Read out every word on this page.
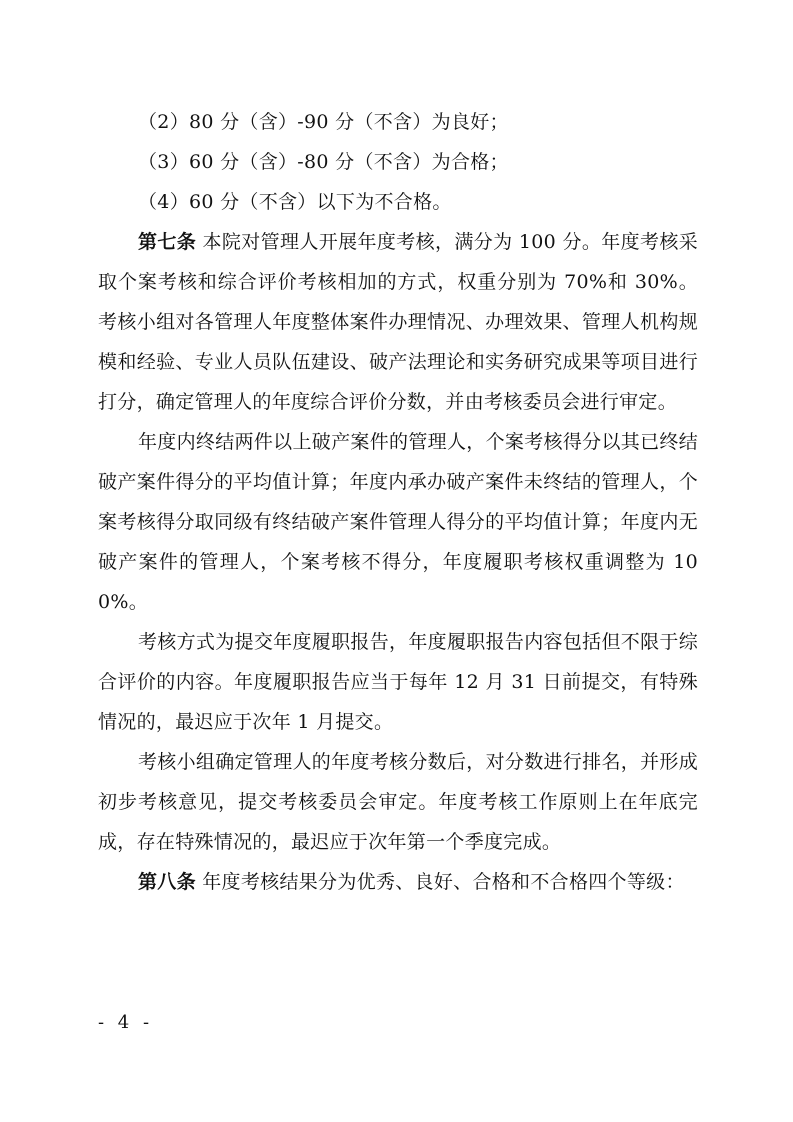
（2）80 分（含）-90 分（不含）为良好；

（3）60 分（含）-80 分（不含）为合格；

（4）60 分（不含）以下为不合格。

第七条 本院对管理人开展年度考核，满分为 100 分。年度考核采取个案考核和综合评价考核相加的方式，权重分别为 70%和 30%。考核小组对各管理人年度整体案件办理情况、办理效果、管理人机构规模和经验、专业人员队伍建设、破产法理论和实务研究成果等项目进行打分，确定管理人的年度综合评价分数，并由考核委员会进行审定。

年度内终结两件以上破产案件的管理人，个案考核得分以其已终结破产案件得分的平均值计算；年度内承办破产案件未终结的管理人，个案考核得分取同级有终结破产案件管理人得分的平均值计算；年度内无破产案件的管理人，个案考核不得分，年度履职考核权重调整为 100%。

考核方式为提交年度履职报告，年度履职报告内容包括但不限于综合评价的内容。年度履职报告应当于每年 12 月 31 日前提交，有特殊情况的，最迟应于次年 1 月提交。

考核小组确定管理人的年度考核分数后，对分数进行排名，并形成初步考核意见，提交考核委员会审定。年度考核工作原则上在年底完成，存在特殊情况的，最迟应于次年第一个季度完成。

第八条 年度考核结果分为优秀、良好、合格和不合格四个等级：

- 4 -
